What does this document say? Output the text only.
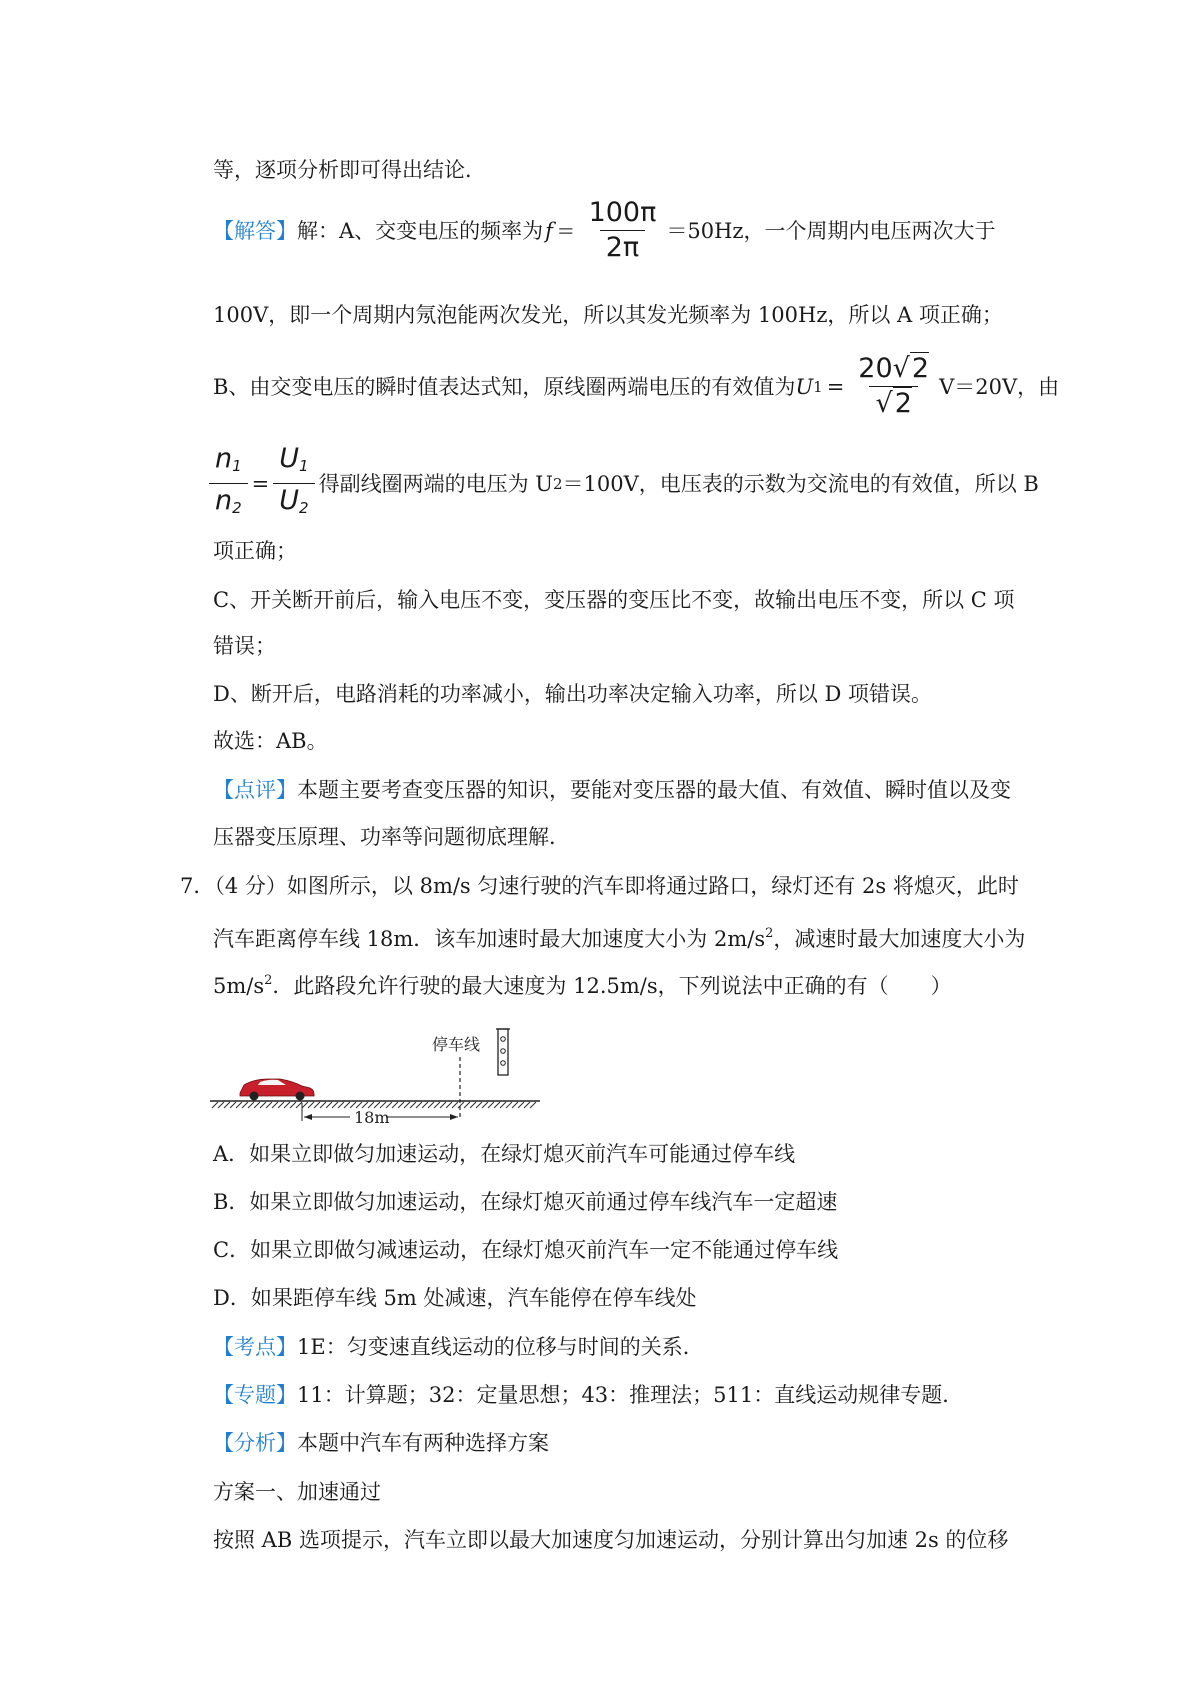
等，逐项分析即可得出结论．
【解答】 解：A、交变电压的频率为 $f = \frac{100\pi}{2\pi} =50Hz$，一个周期内电压两次大于
100V，即一个周期内氖泡能两次发光，所以其发光频率为 100Hz，所以 A 项正确；
B、由交变电压的瞬时值表达式知，原线圈两端电压的有效值为 U $1 = \frac{20√2}{√2} V=20V$，由
$\frac{n_1}{n_2} = \frac{U_1}{U_2}$ 得副线圈两端的电压为 U 2 ＝100V，电压表的示数为交流电的有效值，所以 B
项正确；
C、开关断开前后，输入电压不变，变压器的变压比不变，故输出电压不变，所以 C 项
错误；
D、断开后，电路消耗的功率减小，输出功率决定输入功率，所以 D 项错误。
故选：AB。
【点评】本题主要考查变压器的知识，要能对变压器的最大值、有效值、瞬时值以及变
压器变压原理、功率等问题彻底理解．
7．（4 分）如图所示，以 8m/s 匀速行驶的汽车即将通过路口，绿灯还有 2s 将熄灭，此时
汽车距离停车线 18m．该车加速时最大加速度大小为 $2m/s^2$，减速时最大加速度大小为
$5m/s^2$．此路段允许行驶的最大速度为 12.5m/s，下列说法中正确的有（　　）
停车线
18m
A．如果立即做匀加速运动，在绿灯熄灭前汽车可能通过停车线
B．如果立即做匀加速运动，在绿灯熄灭前通过停车线汽车一定超速
C．如果立即做匀减速运动，在绿灯熄灭前汽车一定不能通过停车线
D．如果距停车线 5m 处减速，汽车能停在停车线处
【考点】1E：匀变速直线运动的位移与时间的关系．
【专题】11：计算题；32：定量思想；43：推理法；511：直线运动规律专题．
【分析】本题中汽车有两种选择方案
方案一、加速通过
按照 AB 选项提示，汽车立即以最大加速度匀加速运动，分别计算出匀加速 2s 的位移
